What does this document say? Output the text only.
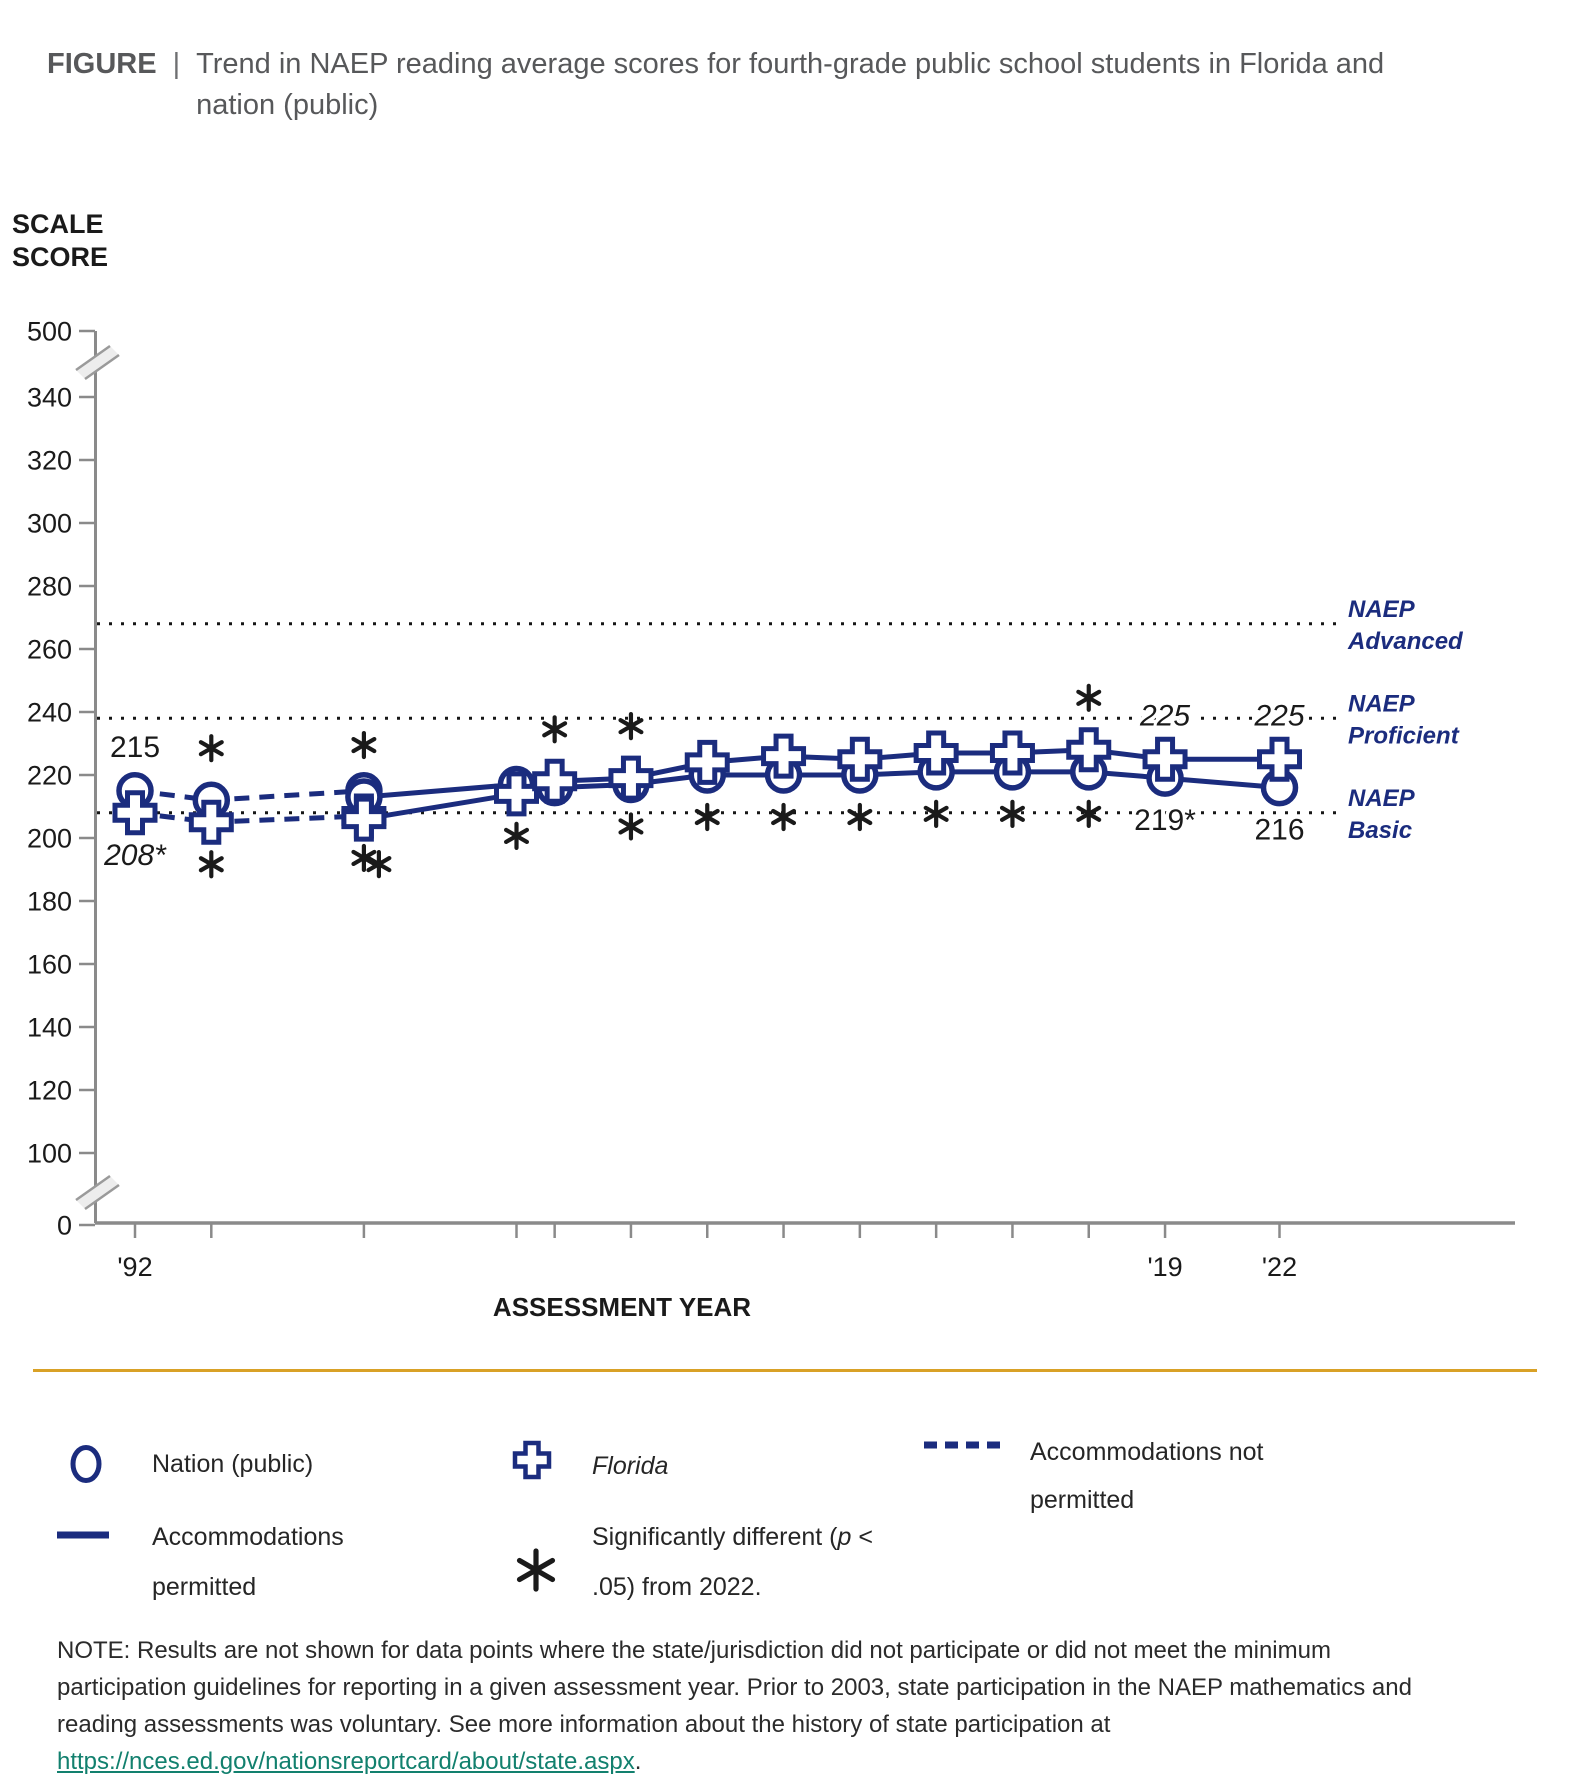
SCALE
SCORE
500
340
320
300
280
260
240
220
200
180
160
140
120
100
0
'92	'19	'22
ASSESSMENT YEAR
NAEP
Advanced
NAEP
Proficient
NAEP
Basic
215
208*
225 225
219* 216
FIGURE | Trend in NAEP reading average scores for fourth-grade public school students in Florida and nation (public)
Nation (public)	Florida	Accommodations not permitted
Accommodations permitted
Significantly different (p < .05) from 2022.
NOTE: Results are not shown for data points where the state/jurisdiction did not participate or did not meet the minimum participation guidelines for reporting in a given assessment year. Prior to 2003, state participation in the NAEP mathematics and reading assessments was voluntary. See more information about the history of state participation at https://nces.ed.gov/nationsreportcard/about/state.aspx.
